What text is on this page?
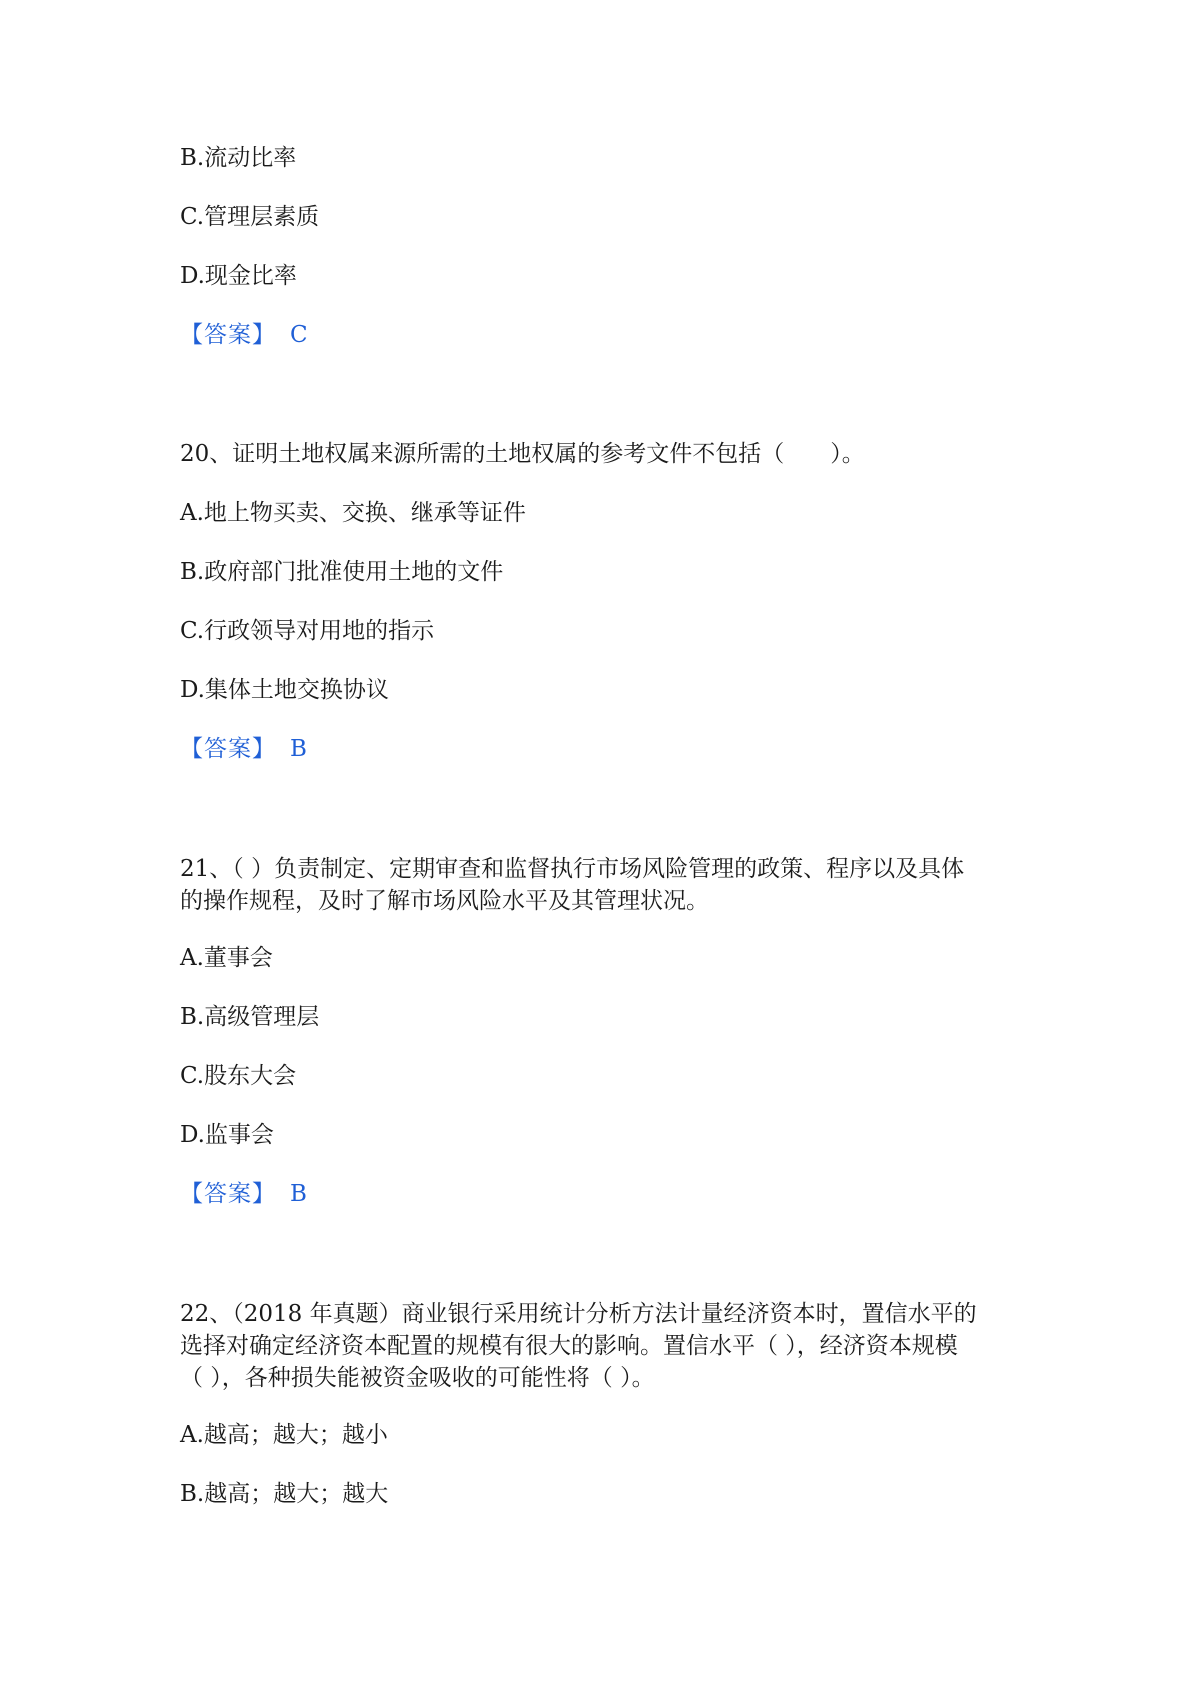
B.流动比率

C.管理层素质

D.现金比率

【答案】 C

20、证明土地权属来源所需的土地权属的参考文件不包括（　　）。

A.地上物买卖、交换、继承等证件

B.政府部门批准使用土地的文件

C.行政领导对用地的指示

D.集体土地交换协议

【答案】 B

21、（ ）负责制定、定期审查和监督执行市场风险管理的政策、程序以及具体

的操作规程，及时了解市场风险水平及其管理状况。

A.董事会

B.高级管理层

C.股东大会

D.监事会

【答案】 B

22、（2018 年真题）商业银行采用统计分析方法计量经济资本时，置信水平的

选择对确定经济资本配置的规模有很大的影响。置信水平（ ），经济资本规模

（ ），各种损失能被资金吸收的可能性将（ ）。

A.越高；越大；越小

B.越高；越大；越大
